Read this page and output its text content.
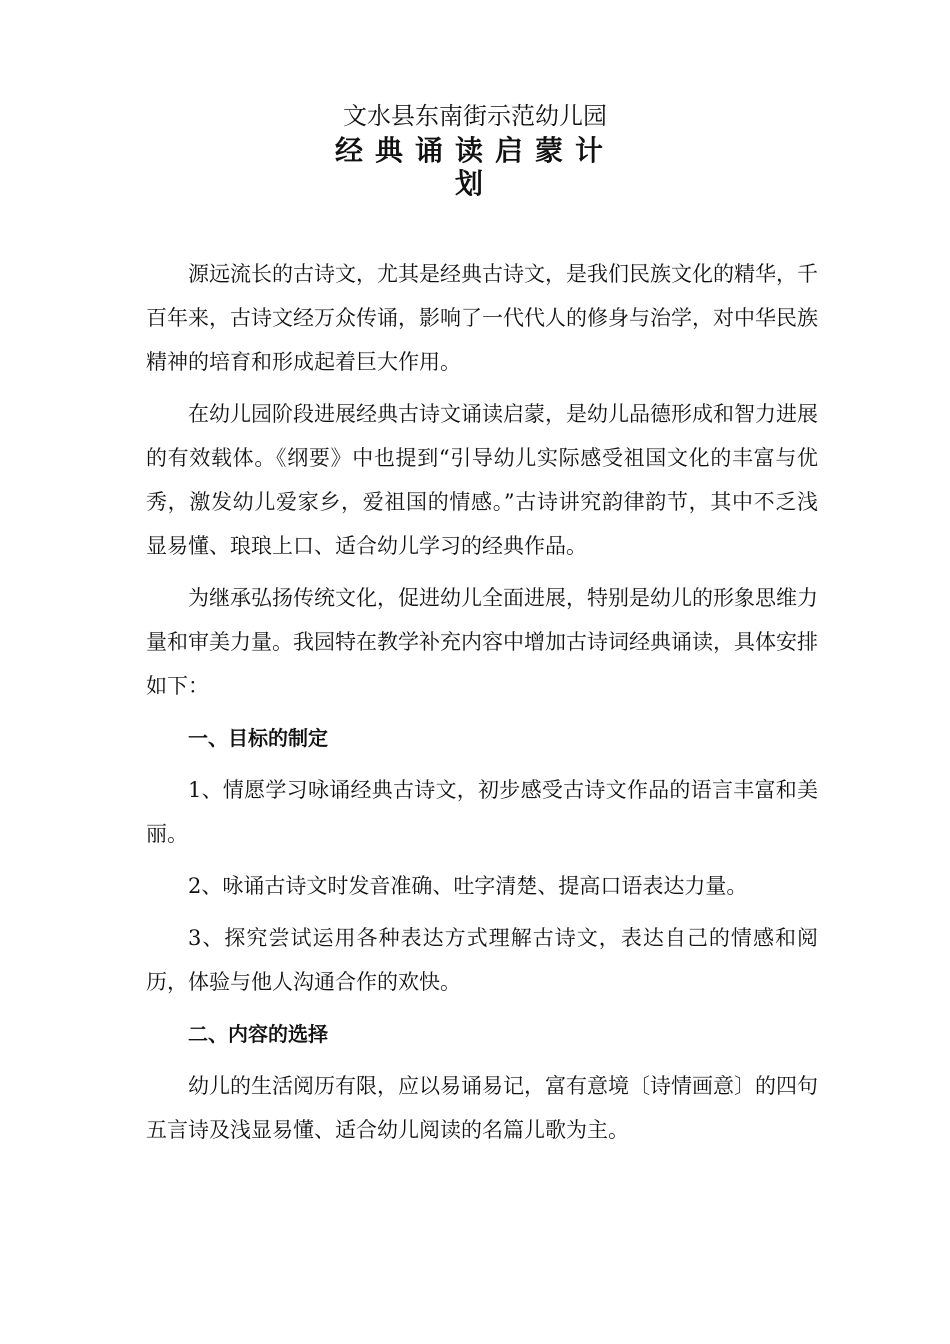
文水县东南街示范幼儿园
经典诵读启蒙计划

源远流长的古诗文，尤其是经典古诗文，是我们民族文化的精华，千百年来，古诗文经万众传诵，影响了一代代人的修身与治学，对中华民族精神的培育和形成起着巨大作用。

在幼儿园阶段进展经典古诗文诵读启蒙，是幼儿品德形成和智力进展的有效载体。《纲要》中也提到“引导幼儿实际感受祖国文化的丰富与优秀，激发幼儿爱家乡，爱祖国的情感。”古诗讲究韵律韵节，其中不乏浅显易懂、琅琅上口、适合幼儿学习的经典作品。

为继承弘扬传统文化，促进幼儿全面进展，特别是幼儿的形象思维力量和审美力量。我园特在教学补充内容中增加古诗词经典诵读，具体安排如下：

一、目标的制定

1、情愿学习咏诵经典古诗文，初步感受古诗文作品的语言丰富和美丽。

2、咏诵古诗文时发音准确、吐字清楚、提高口语表达力量。

3、探究尝试运用各种表达方式理解古诗文，表达自己的情感和阅历，体验与他人沟通合作的欢快。

二、内容的选择

幼儿的生活阅历有限，应以易诵易记，富有意境〔诗情画意〕的四句五言诗及浅显易懂、适合幼儿阅读的名篇儿歌为主。
